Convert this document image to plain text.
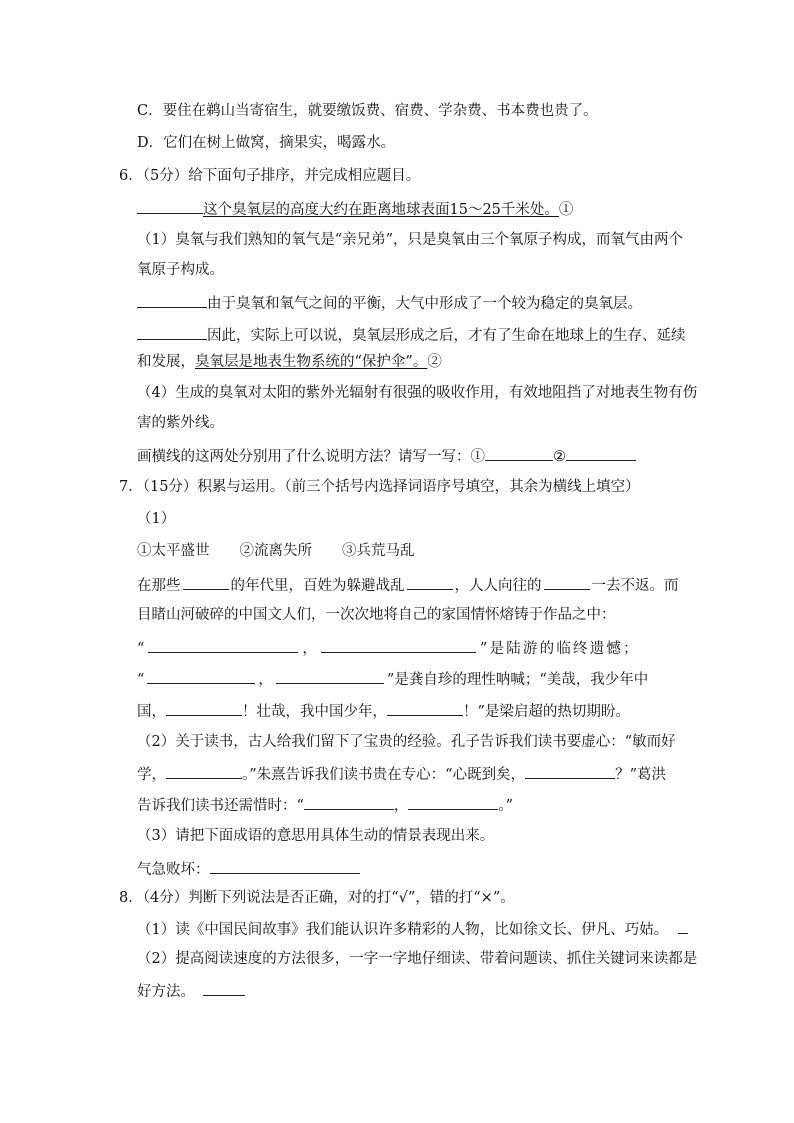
C．要住在鹈山当寄宿生，就要缴饭费、宿费、学杂费、书本费也贵了。
D．它们在树上做窝，摘果实，喝露水。
6．（5分）给下面句子排序，并完成相应题目。
这个臭氧层的高度大约在距离地球表面15～25千米处。①
（1）臭氧与我们熟知的氧气是“亲兄弟”，只是臭氧由三个氧原子构成，而氧气由两个
氧原子构成。
由于臭氧和氧气之间的平衡，大气中形成了一个较为稳定的臭氧层。
因此，实际上可以说，臭氧层形成之后，才有了生命在地球上的生存、延续
和发展，臭氧层是地表生物系统的“保护伞”。②
（4）生成的臭氧对太阳的紫外光辐射有很强的吸收作用，有效地阻挡了对地表生物有伤
害的紫外线。
画横线的这两处分别用了什么说明方法？请写一写：①	②
7．（15分）积累与运用。（前三个括号内选择词语序号填空，其余为横线上填空）
（1）
①太平盛世 ②流离失所 ③兵荒马乱
在那些	的年代里，百姓为躲避战乱	，人人向往的	一去不返。而
目睹山河破碎的中国文人们，一次次地将自己的家国情怀熔铸于作品之中：
“	，	”是陆游的临终遗憾；
“	，	”是龚自珍的理性呐喊；“美哉，我少年中
国，	！壮哉，我中国少年，	！”是梁启超的热切期盼。
（2）关于读书，古人给我们留下了宝贵的经验。孔子告诉我们读书要虚心：“敏而好
学，	。”朱熹告诉我们读书贵在专心：“心既到矣，	？”葛洪
告诉我们读书还需惜时：“	，	。”
（3）请把下面成语的意思用具体生动的情景表现出来。
气急败坏：
8．（4分）判断下列说法是否正确，对的打“√”，错的打“×”。
（1）读《中国民间故事》我们能认识许多精彩的人物，比如徐文长、伊凡、巧姑。
（2）提高阅读速度的方法很多，一字一字地仔细读、带着问题读、抓住关键词来读都是
好方法。
